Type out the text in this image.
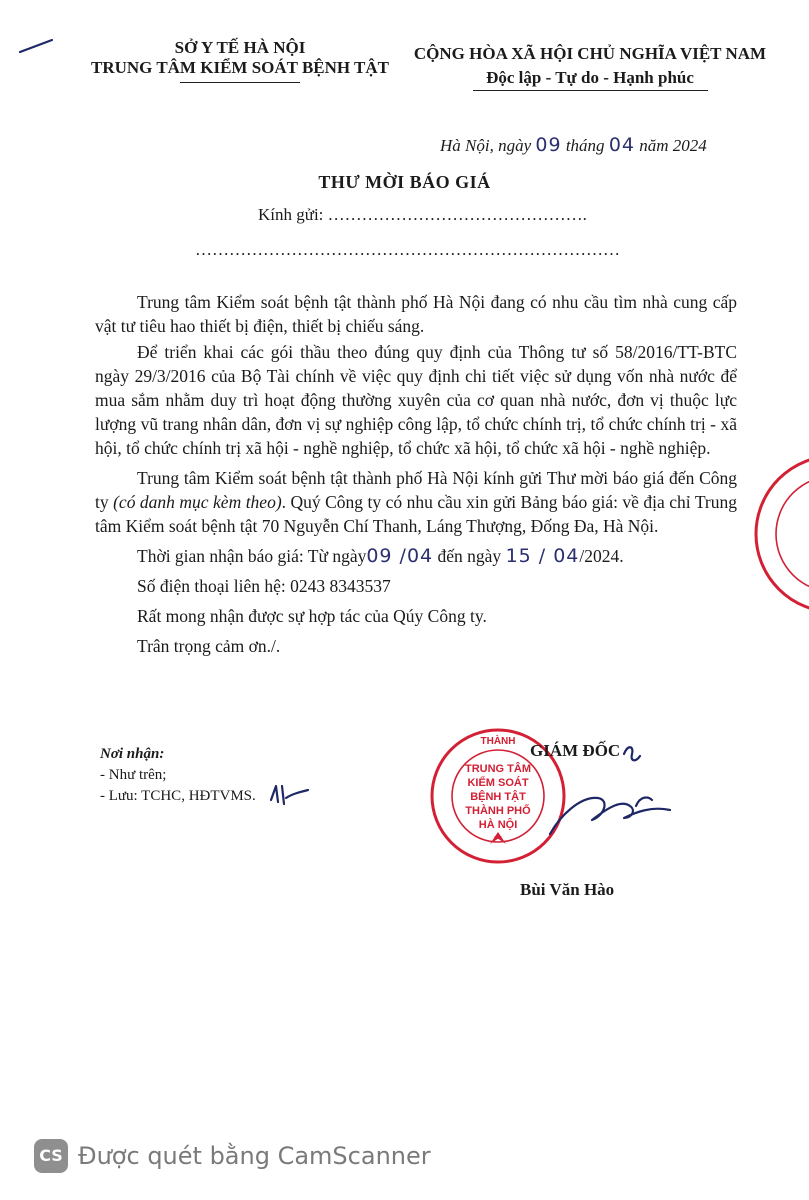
SỞ Y TẾ HÀ NỘI
TRUNG TÂM KIỂM SOÁT BỆNH TẬT
CỘNG HÒA XÃ HỘI CHỦ NGHĨA VIỆT NAM
Độc lập - Tự do - Hạnh phúc
Hà Nội, ngày 09 tháng 04 năm 2024
THƯ MỜI BÁO GIÁ
Kính gửi: ……………………………………….
…………………………………………………………………

Trung tâm Kiểm soát bệnh tật thành phố Hà Nội đang có nhu cầu tìm nhà cung cấp vật tư tiêu hao thiết bị điện, thiết bị chiếu sáng.

Để triển khai các gói thầu theo đúng quy định của Thông tư số 58/2016/TT-BTC ngày 29/3/2016 của Bộ Tài chính về việc quy định chi tiết việc sử dụng vốn nhà nước để mua sắm nhằm duy trì hoạt động thường xuyên của cơ quan nhà nước, đơn vị thuộc lực lượng vũ trang nhân dân, đơn vị sự nghiệp công lập, tổ chức chính trị, tổ chức chính trị - xã hội, tổ chức chính trị xã hội - nghề nghiệp, tổ chức xã hội, tổ chức xã hội - nghề nghiệp.

Trung tâm Kiểm soát bệnh tật thành phố Hà Nội kính gửi Thư mời báo giá đến Công ty (có danh mục kèm theo). Quý Công ty có nhu cầu xin gửi Bảng báo giá: về địa chỉ Trung tâm Kiểm soát bệnh tật 70 Nguyễn Chí Thanh, Láng Thượng, Đống Đa, Hà Nội.

Thời gian nhận báo giá: Từ ngày09 /04 đến ngày 15 / 04/2024.

Số điện thoại liên hệ: 0243 8343537

Rất mong nhận được sự hợp tác của Qúy Công ty.

Trân trọng cảm ơn./.

Nơi nhận:
- Như trên;
- Lưu: TCHC, HĐTVMS.
THÀNH
TRUNG TÂM
KIỂM SOÁT
BỆNH TẬT
THÀNH PHỐ
HÀ NỘI
GIÁM ĐỐC
Bùi Văn Hào
CS Được quét bằng CamScanner
